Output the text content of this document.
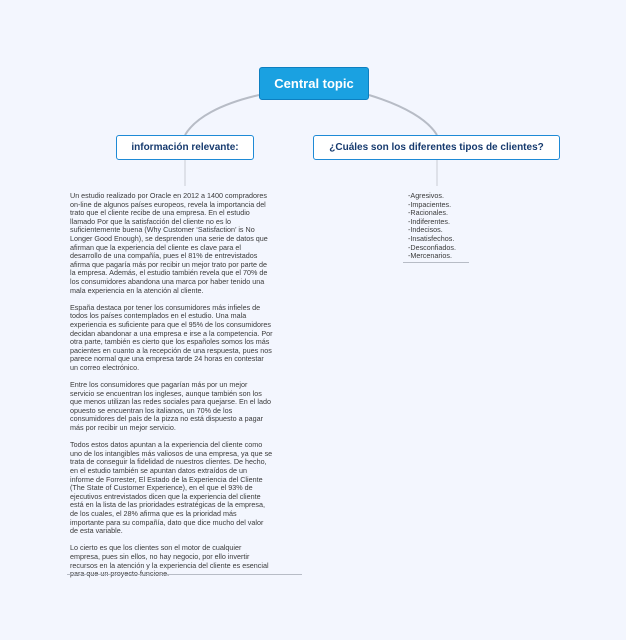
Central topic
información relevante:	¿Cuáles son los diferentes tipos de clientes?

Un estudio realizado por Oracle en 2012 a 1400 compradores
on-line de algunos países europeos, revela la importancia del
trato que el cliente recibe de una empresa. En el estudio
llamado Por que la satisfacción del cliente no es lo
suficientemente buena (Why Customer ‘Satisfaction’ is No
Longer Good Enough), se desprenden una serie de datos que
afirman que la experiencia del cliente es clave para el
desarrollo de una compañía, pues el 81% de entrevistados
afirma que pagaría más por recibir un mejor trato por parte de
la empresa. Además, el estudio también revela que el 70% de
los consumidores abandona una marca por haber tenido una
mala experiencia en la atención al cliente.

España destaca por tener los consumidores más infieles de
todos los países contemplados en el estudio. Una mala
experiencia es suficiente para que el 95% de los consumidores
decidan abandonar a una empresa e irse a la competencia. Por
otra parte, también es cierto que los españoles somos los más
pacientes en cuanto a la recepción de una respuesta, pues nos
parece normal que una empresa tarde 24 horas en contestar
un correo electrónico.

Entre los consumidores que pagarían más por un mejor
servicio se encuentran los ingleses, aunque también son los
que menos utilizan las redes sociales para quejarse. En el lado
opuesto se encuentran los italianos, un 70% de los
consumidores del país de la pizza no está dispuesto a pagar
más por recibir un mejor servicio.

Todos estos datos apuntan a la experiencia del cliente como
uno de los intangibles más valiosos de una empresa, ya que se
trata de conseguir la fidelidad de nuestros clientes. De hecho,
en el estudio también se apuntan datos extraídos de un
informe de Forrester, El Estado de la Experiencia del Cliente
(The State of Customer Experience), en el que el 93% de
ejecutivos entrevistados dicen que la experiencia del cliente
está en la lista de las prioridades estratégicas de la empresa,
de los cuales, el 28% afirma que es la prioridad más
importante para su compañía, dato que dice mucho del valor
de esta variable.

Lo cierto es que los clientes son el motor de cualquier
empresa, pues sin ellos, no hay negocio, por ello invertir
recursos en la atención y la experiencia del cliente es esencial

-Agresivos.
-Impacientes.
-Racionales.
-Indiferentes.
-Indecisos.
-Insatisfechos.
-Desconfiados.
-Mercenarios.
